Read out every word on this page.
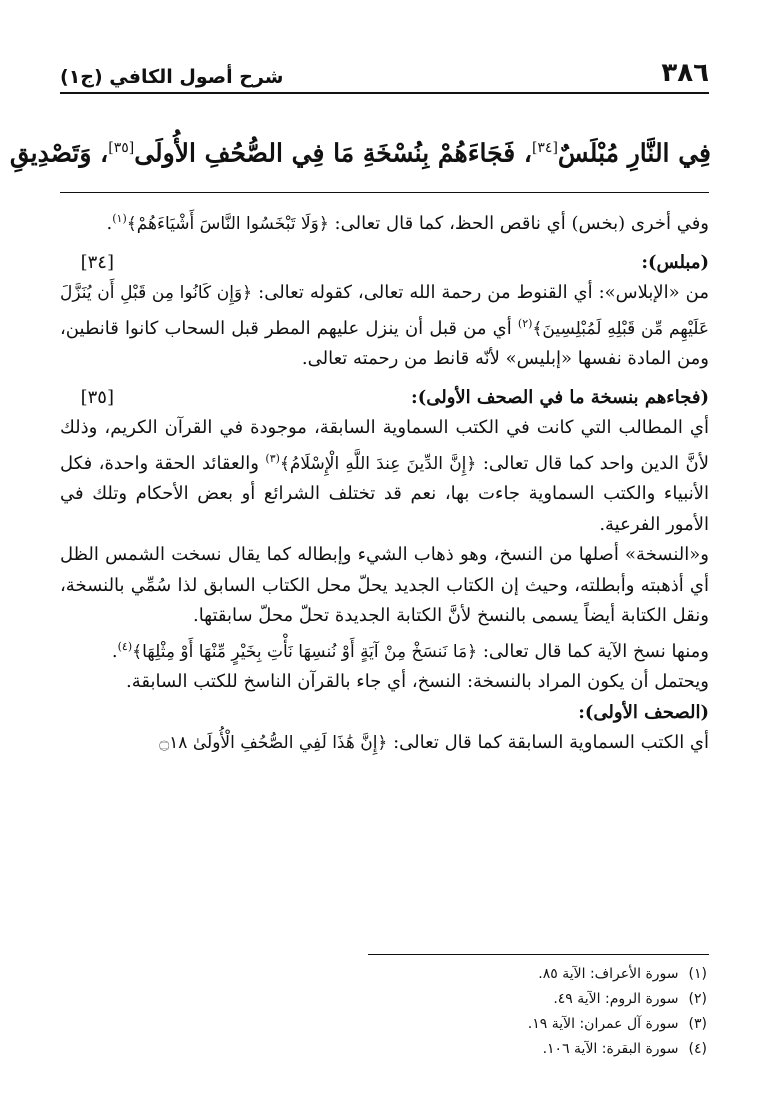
٣٨٦
شرح أصول الكافي (ج١)
فِي النَّارِ مُبْلَسٌ[٣٤]، فَجَاءَهُمْ بِنُسْخَةِ مَا فِي الصُّحُفِ الأُولَى[٣٥]، وَتَصْدِيقِ

وفي أخرى (بخس) أي ناقص الحظ، كما قال تعالى: ﴿وَلَا تَبْخَسُوا النَّاسَ أَشْيَاءَهُمْ﴾$^{(١)}$.

(مبلس):
[٣٤]

من «الإبلاس»: أي القنوط من رحمة الله تعالى، كقوله تعالى: ﴿وَإِن كَانُوا مِن قَبْلِ أَن يُنَزَّلَ عَلَيْهِم مِّن قَبْلِهِ لَمُبْلِسِينَ﴾$^{(٢)}$ أي من قبل أن ينزل عليهم المطر قبل السحاب كانوا قانطين، ومن المادة نفسها «إبليس» لأنّه قانط من رحمته تعالى.

(فجاءهم بنسخة ما في الصحف الأولى):
[٣٥]

أي المطالب التي كانت في الكتب السماوية السابقة، موجودة في القرآن الكريم، وذلك لأنَّ الدين واحد كما قال تعالى: ﴿إِنَّ الدِّينَ عِندَ اللَّهِ الْإِسْلَامُ﴾$^{(٣)}$ والعقائد الحقة واحدة، فكل الأنبياء والكتب السماوية جاءت بها، نعم قد تختلف الشرائع أو بعض الأحكام وتلك في الأمور الفرعية.

و«النسخة» أصلها من النسخ، وهو ذهاب الشيء وإبطاله كما يقال نسخت الشمس الظل أي أذهبته وأبطلته، وحيث إن الكتاب الجديد يحلّ محل الكتاب السابق لذا سُمِّي بالنسخة، ونقل الكتابة أيضاً يسمى بالنسخ لأنَّ الكتابة الجديدة تحلّ محلّ سابقتها.

ومنها نسخ الآية كما قال تعالى: ﴿مَا نَنسَخْ مِنْ آيَةٍ أَوْ نُنسِهَا نَأْتِ بِخَيْرٍ مِّنْهَا أَوْ مِثْلِهَا﴾$^{(٤)}$.

ويحتمل أن يكون المراد بالنسخة: النسخ، أي جاء بالقرآن الناسخ للكتب السابقة.

(الصحف الأولى):

أي الكتب السماوية السابقة كما قال تعالى: ﴿إِنَّ هَٰذَا لَفِي الصُّحُفِ الْأُولَىٰ ۝١٨

(١)
سورة الأعراف: الآية ٨٥.
(٢)
سورة الروم: الآية ٤٩.
(٣)
سورة آل عمران: الآية ١٩.
(٤)
سورة البقرة: الآية ١٠٦.
